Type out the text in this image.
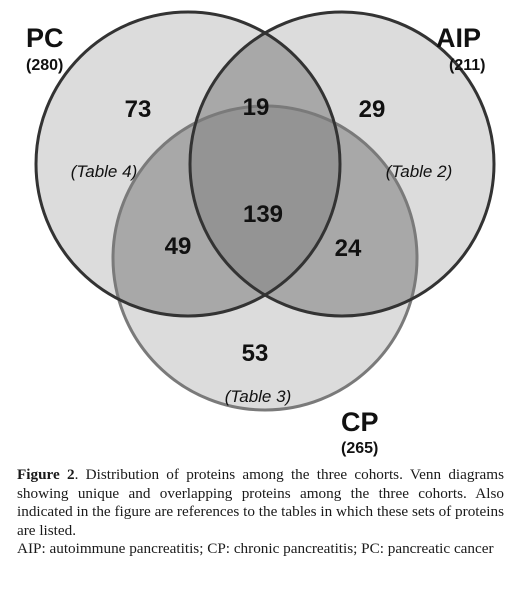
PC
(280)
AIP
(211)
CP
(265)
73	19	29
139
49	24
53
(Table 4)	(Table 2)
(Table 3)

Figure 2. Distribution of proteins among the three cohorts. Venn diagrams showing unique and overlapping proteins among the three cohorts. Also indicated in the figure are references to the tables in which these sets of proteins are listed.

AIP: autoimmune pancreatitis; CP: chronic pancreatitis; PC: pancreatic cancer
